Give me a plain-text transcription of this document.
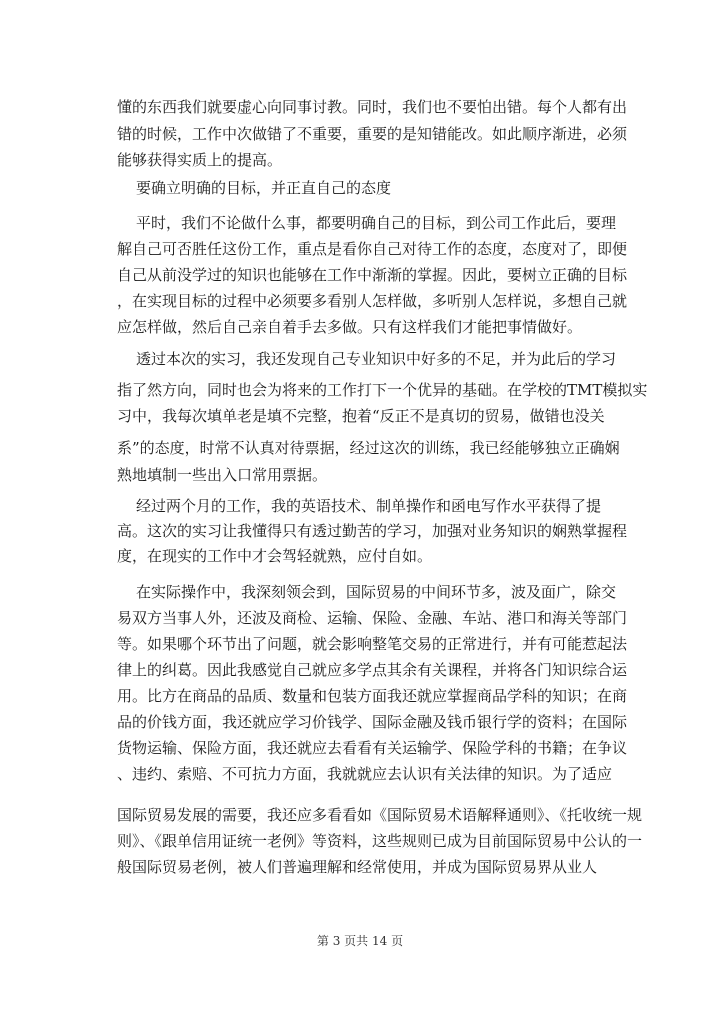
懂的东西我们就要虚心向同事讨教。同时，我们也不要怕出错。每个人都有出
错的时候，工作中次做错了不重要，重要的是知错能改。如此顺序渐进，必须
能够获得实质上的提高。
要确立明确的目标，并正直自己的态度
平时，我们不论做什么事，都要明确自己的目标，到公司工作此后，要理
解自己可否胜任这份工作，重点是看你自己对待工作的态度，态度对了，即便
自己从前没学过的知识也能够在工作中渐渐的掌握。因此，要树立正确的目标
，在实现目标的过程中必须要多看别人怎样做，多听别人怎样说，多想自己就
应怎样做，然后自己亲自着手去多做。只有这样我们才能把事情做好。
透过本次的实习，我还发现自己专业知识中好多的不足，并为此后的学习
指了然方向，同时也会为将来的工作打下一个优异的基础。在学校的TMT模拟实
习中，我每次填单老是填不完整，抱着“反正不是真切的贸易，做错也没关
系”的态度，时常不认真对待票据，经过这次的训练，我已经能够独立正确娴
熟地填制一些出入口常用票据。
经过两个月的工作，我的英语技术、制单操作和函电写作水平获得了提
高。这次的实习让我懂得只有透过勤苦的学习，加强对业务知识的娴熟掌握程
度，在现实的工作中才会驾轻就熟，应付自如。
在实际操作中，我深刻领会到，国际贸易的中间环节多，波及面广，除交
易双方当事人外，还波及商检、运输、保险、金融、车站、港口和海关等部门
等。如果哪个环节出了问题，就会影响整笔交易的正常进行，并有可能惹起法
律上的纠葛。因此我感觉自己就应多学点其余有关课程，并将各门知识综合运
用。比方在商品的品质、数量和包装方面我还就应掌握商品学科的知识；在商
品的价钱方面，我还就应学习价钱学、国际金融及钱币银行学的资料；在国际
货物运输、保险方面，我还就应去看看有关运输学、保险学科的书籍；在争议
、违约、索赔、不可抗力方面，我就就应去认识有关法律的知识。为了适应
国际贸易发展的需要，我还应多看看如《国际贸易术语解释通则》、《托收统一规
则》、《跟单信用证统一老例》等资料，这些规则已成为目前国际贸易中公认的一
般国际贸易老例，被人们普遍理解和经常使用，并成为国际贸易界从业人
第 3 页共 14 页
